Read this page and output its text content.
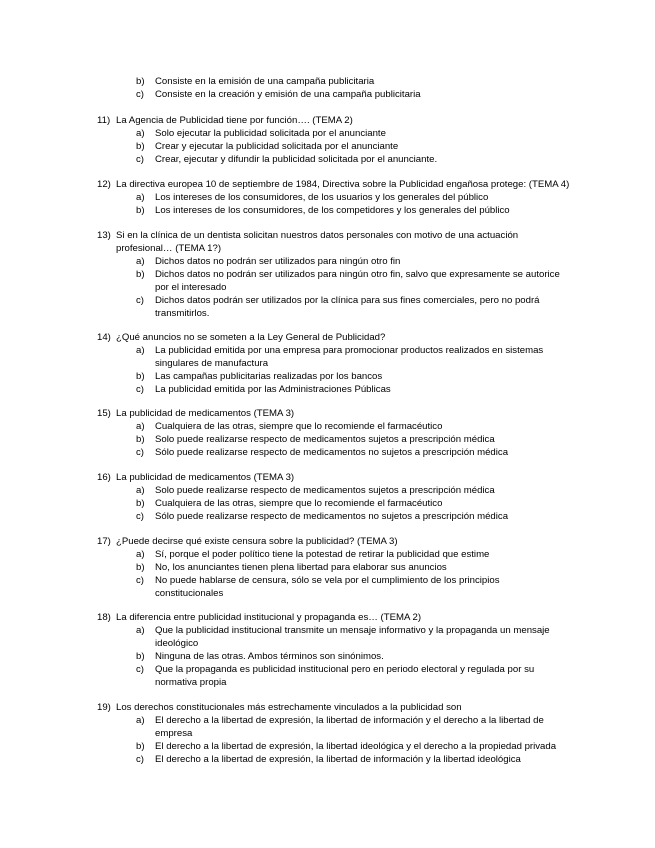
b) Consiste en la emisión de una campaña publicitaria
c) Consiste en la creación y emisión de una campaña publicitaria
11) La Agencia de Publicidad tiene por función…. (TEMA 2)
a) Solo ejecutar la publicidad solicitada por el anunciante
b) Crear y ejecutar la publicidad solicitada por el anunciante
c) Crear, ejecutar y difundir la publicidad solicitada por el anunciante.
12) La directiva europea 10 de septiembre de 1984, Directiva sobre la Publicidad engañosa protege: (TEMA 4)
a) Los intereses de los consumidores, de los usuarios y los generales del público
b) Los intereses de los consumidores, de los competidores y los generales del público
13) Si en la clínica de un dentista solicitan nuestros datos personales con motivo de una actuación profesional… (TEMA 1?)
a) Dichos datos no podrán ser utilizados para ningún otro fin
b) Dichos datos no podrán ser utilizados para ningún otro fin, salvo que expresamente se autorice por el interesado
c) Dichos datos podrán ser utilizados por la clínica para sus fines comerciales, pero no podrá transmitirlos.
14) ¿Qué anuncios no se someten a la Ley General de Publicidad?
a) La publicidad emitida por una empresa para promocionar productos realizados en sistemas singulares de manufactura
b) Las campañas publicitarias realizadas por los bancos
c) La publicidad emitida por las Administraciones Públicas
15) La publicidad de medicamentos (TEMA 3)
a) Cualquiera de las otras, siempre que lo recomiende el farmacéutico
b) Solo puede realizarse respecto de medicamentos sujetos a prescripción médica
c) Sólo puede realizarse respecto de medicamentos no sujetos a prescripción médica
16) La publicidad de medicamentos (TEMA 3)
a) Solo puede realizarse respecto de medicamentos sujetos a prescripción médica
b) Cualquiera de las otras, siempre que lo recomiende el farmacéutico
c) Sólo puede realizarse respecto de medicamentos no sujetos a prescripción médica
17) ¿Puede decirse qué existe censura sobre la publicidad? (TEMA 3)
a) Sí, porque el poder político tiene la potestad de retirar la publicidad que estime
b) No, los anunciantes tienen plena libertad para elaborar sus anuncios
c) No puede hablarse de censura, sólo se vela por el cumplimiento de los principios constitucionales
18) La diferencia entre publicidad institucional y propaganda es… (TEMA 2)
a) Que la publicidad institucional transmite un mensaje informativo y la propaganda un mensaje ideológico
b) Ninguna de las otras. Ambos términos son sinónimos.
c) Que la propaganda es publicidad institucional pero en periodo electoral y regulada por su normativa propia
19) Los derechos constitucionales más estrechamente vinculados a la publicidad son
a) El derecho a la libertad de expresión, la libertad de información y el derecho a la libertad de empresa
b) El derecho a la libertad de expresión, la libertad ideológica y el derecho a la propiedad privada
c) El derecho a la libertad de expresión, la libertad de información y la libertad ideológica
